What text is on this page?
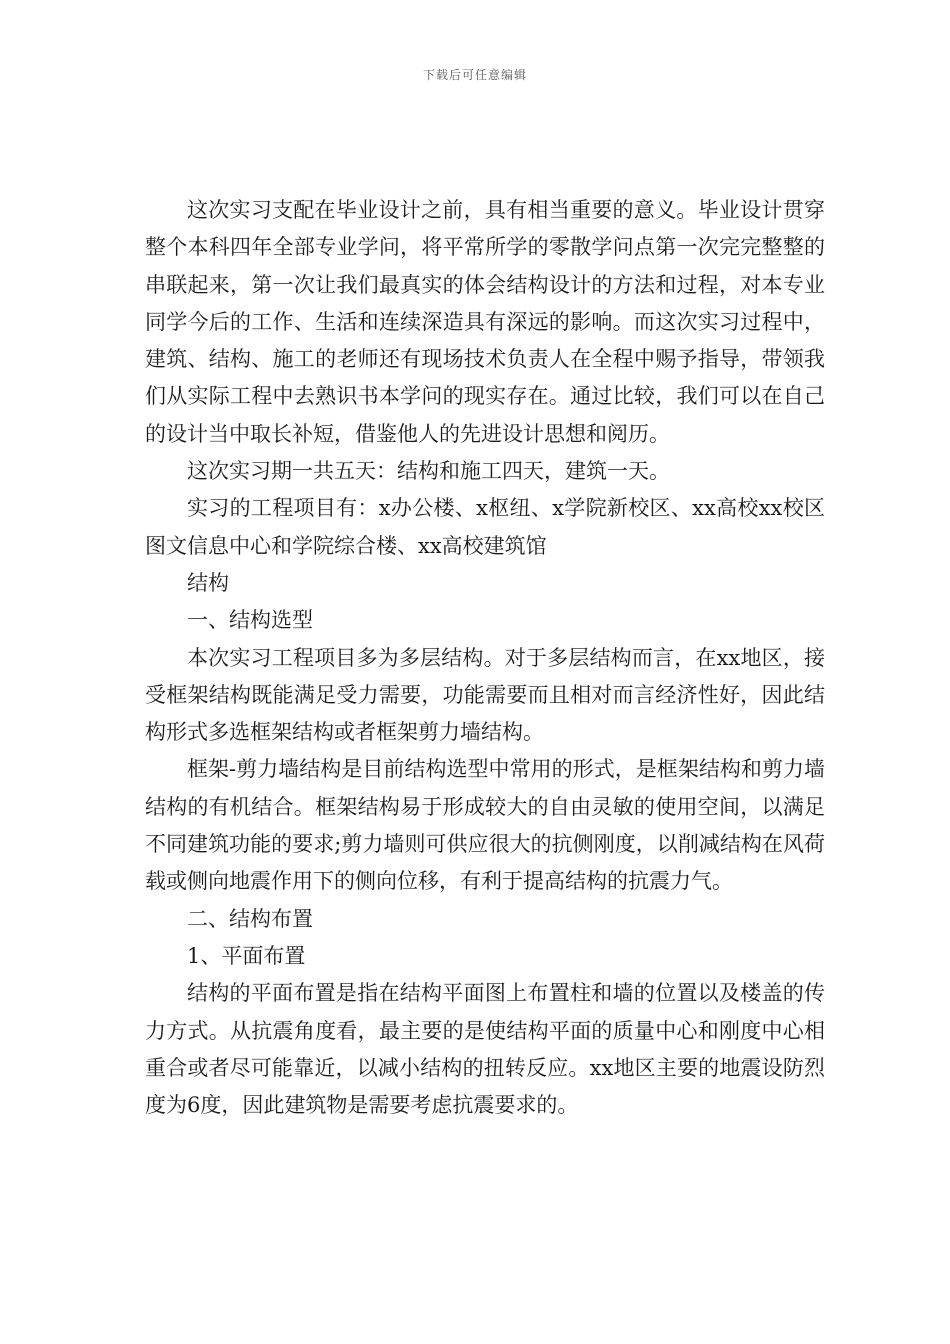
下载后可任意编辑

这次实习支配在毕业设计之前，具有相当重要的意义。毕业设计贯穿整个本科四年全部专业学问，将平常所学的零散学问点第一次完完整整的串联起来，第一次让我们最真实的体会结构设计的方法和过程，对本专业同学今后的工作、生活和连续深造具有深远的影响。而这次实习过程中，建筑、结构、施工的老师还有现场技术负责人在全程中赐予指导，带领我们从实际工程中去熟识书本学问的现实存在。通过比较，我们可以在自己的设计当中取长补短，借鉴他人的先进设计思想和阅历。

这次实习期一共五天：结构和施工四天，建筑一天。

实习的工程项目有：x办公楼、x枢纽、x学院新校区、xx高校xx校区图文信息中心和学院综合楼、xx高校建筑馆

结构

一、结构选型

本次实习工程项目多为多层结构。对于多层结构而言，在xx地区，接受框架结构既能满足受力需要，功能需要而且相对而言经济性好，因此结构形式多选框架结构或者框架剪力墙结构。

框架-剪力墙结构是目前结构选型中常用的形式，是框架结构和剪力墙结构的有机结合。框架结构易于形成较大的自由灵敏的使用空间，以满足不同建筑功能的要求;剪力墙则可供应很大的抗侧刚度，以削减结构在风荷载或侧向地震作用下的侧向位移，有利于提高结构的抗震力气。

二、结构布置

1、平面布置

结构的平面布置是指在结构平面图上布置柱和墙的位置以及楼盖的传力方式。从抗震角度看，最主要的是使结构平面的质量中心和刚度中心相重合或者尽可能靠近，以减小结构的扭转反应。xx地区主要的地震设防烈度为6度，因此建筑物是需要考虑抗震要求的。
